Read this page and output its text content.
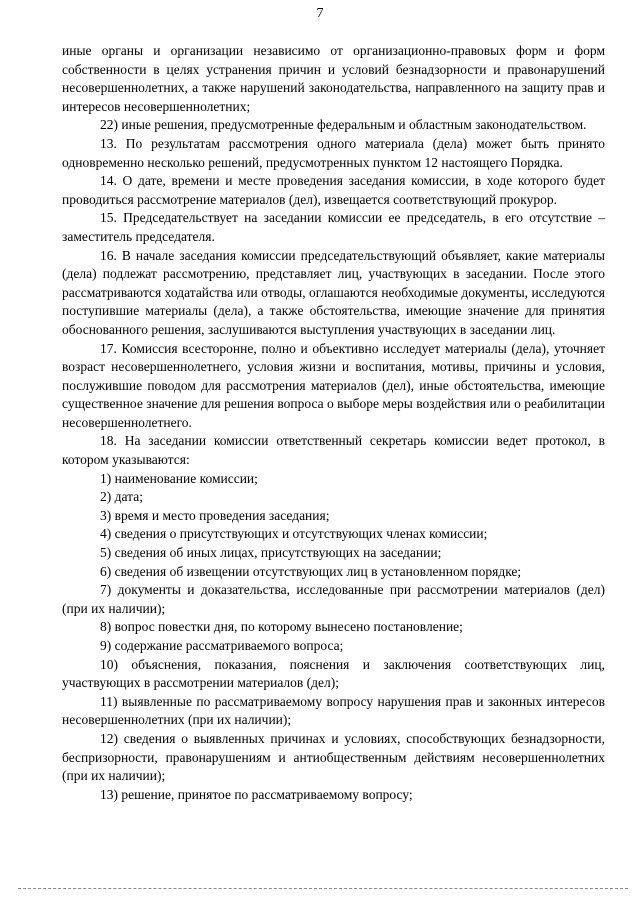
7

иные органы и организации независимо от организационно-правовых форм и форм собственности в целях устранения причин и условий безнадзорности и правонарушений несовершеннолетних, а также нарушений законодательства, направленного на защиту прав и интересов несовершеннолетних;

22) иные решения, предусмотренные федеральным и областным законодательством.

13. По результатам рассмотрения одного материала (дела) может быть принято одновременно несколько решений, предусмотренных пунктом 12 настоящего Порядка.

14. О дате, времени и месте проведения заседания комиссии, в ходе которого будет проводиться рассмотрение материалов (дел), извещается соответствующий прокурор.

15. Председательствует на заседании комиссии ее председатель, в его отсутствие – заместитель председателя.

16. В начале заседания комиссии председательствующий объявляет, какие материалы (дела) подлежат рассмотрению, представляет лиц, участвующих в заседании. После этого рассматриваются ходатайства или отводы, оглашаются необходимые документы, исследуются поступившие материалы (дела), а также обстоятельства, имеющие значение для принятия обоснованного решения, заслушиваются выступления участвующих в заседании лиц.

17. Комиссия всесторонне, полно и объективно исследует материалы (дела), уточняет возраст несовершеннолетнего, условия жизни и воспитания, мотивы, причины и условия, послужившие поводом для рассмотрения материалов (дел), иные обстоятельства, имеющие существенное значение для решения вопроса о выборе меры воздействия или о реабилитации несовершеннолетнего.

18. На заседании комиссии ответственный секретарь комиссии ведет протокол, в котором указываются:

1) наименование комиссии;

2) дата;

3) время и место проведения заседания;

4) сведения о присутствующих и отсутствующих членах комиссии;

5) сведения об иных лицах, присутствующих на заседании;

6) сведения об извещении отсутствующих лиц в установленном порядке;

7) документы и доказательства, исследованные при рассмотрении материалов (дел) (при их наличии);

8) вопрос повестки дня, по которому вынесено постановление;

9) содержание рассматриваемого вопроса;

10) объяснения, показания, пояснения и заключения соответствующих лиц, участвующих в рассмотрении материалов (дел);

11) выявленные по рассматриваемому вопросу нарушения прав и законных интересов несовершеннолетних (при их наличии);

12) сведения о выявленных причинах и условиях, способствующих безнадзорности, беспризорности, правонарушениям и антиобщественным действиям несовершеннолетних (при их наличии);

13) решение, принятое по рассматриваемому вопросу;
